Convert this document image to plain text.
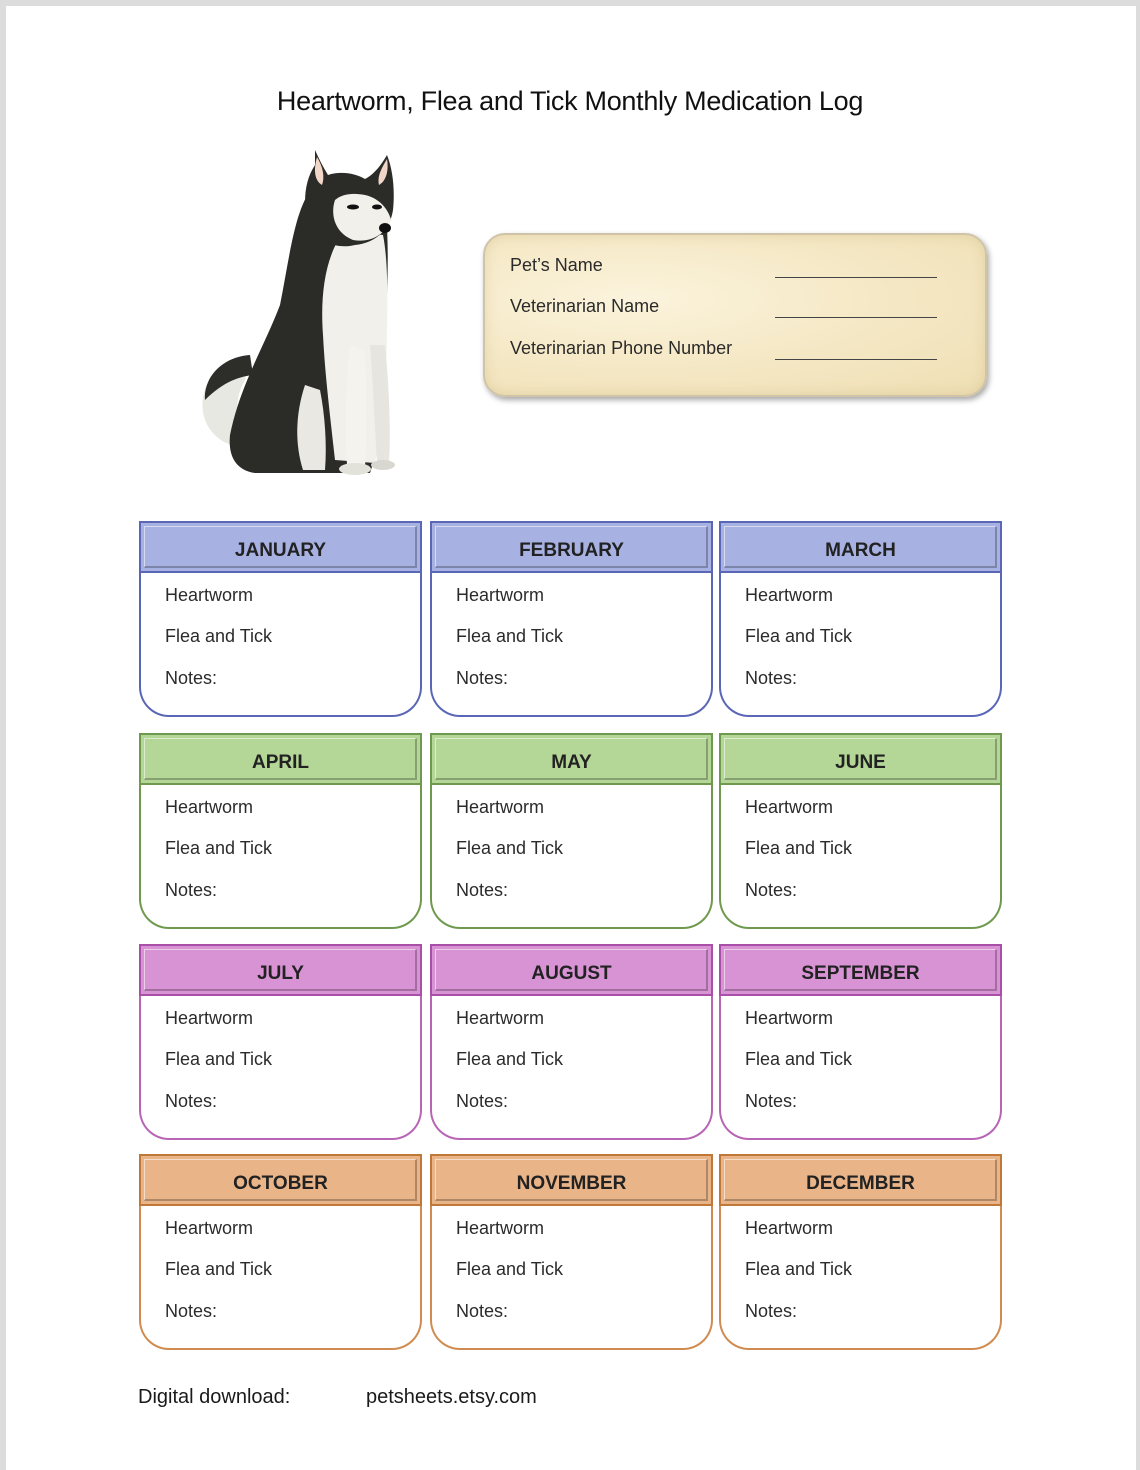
Heartworm, Flea and Tick Monthly Medication Log
Pet’s Name
Veterinarian Name
Veterinarian Phone Number
JANUARY
Heartworm
Flea and Tick
Notes:
FEBRUARY
Heartworm
Flea and Tick
Notes:
MARCH
Heartworm
Flea and Tick
Notes:
APRIL
Heartworm
Flea and Tick
Notes:
MAY
Heartworm
Flea and Tick
Notes:
JUNE
Heartworm
Flea and Tick
Notes:
JULY
Heartworm
Flea and Tick
Notes:
AUGUST
Heartworm
Flea and Tick
Notes:
SEPTEMBER
Heartworm
Flea and Tick
Notes:
OCTOBER
Heartworm
Flea and Tick
Notes:
NOVEMBER
Heartworm
Flea and Tick
Notes:
DECEMBER
Heartworm
Flea and Tick
Notes:
Digital download:	petsheets.etsy.com
